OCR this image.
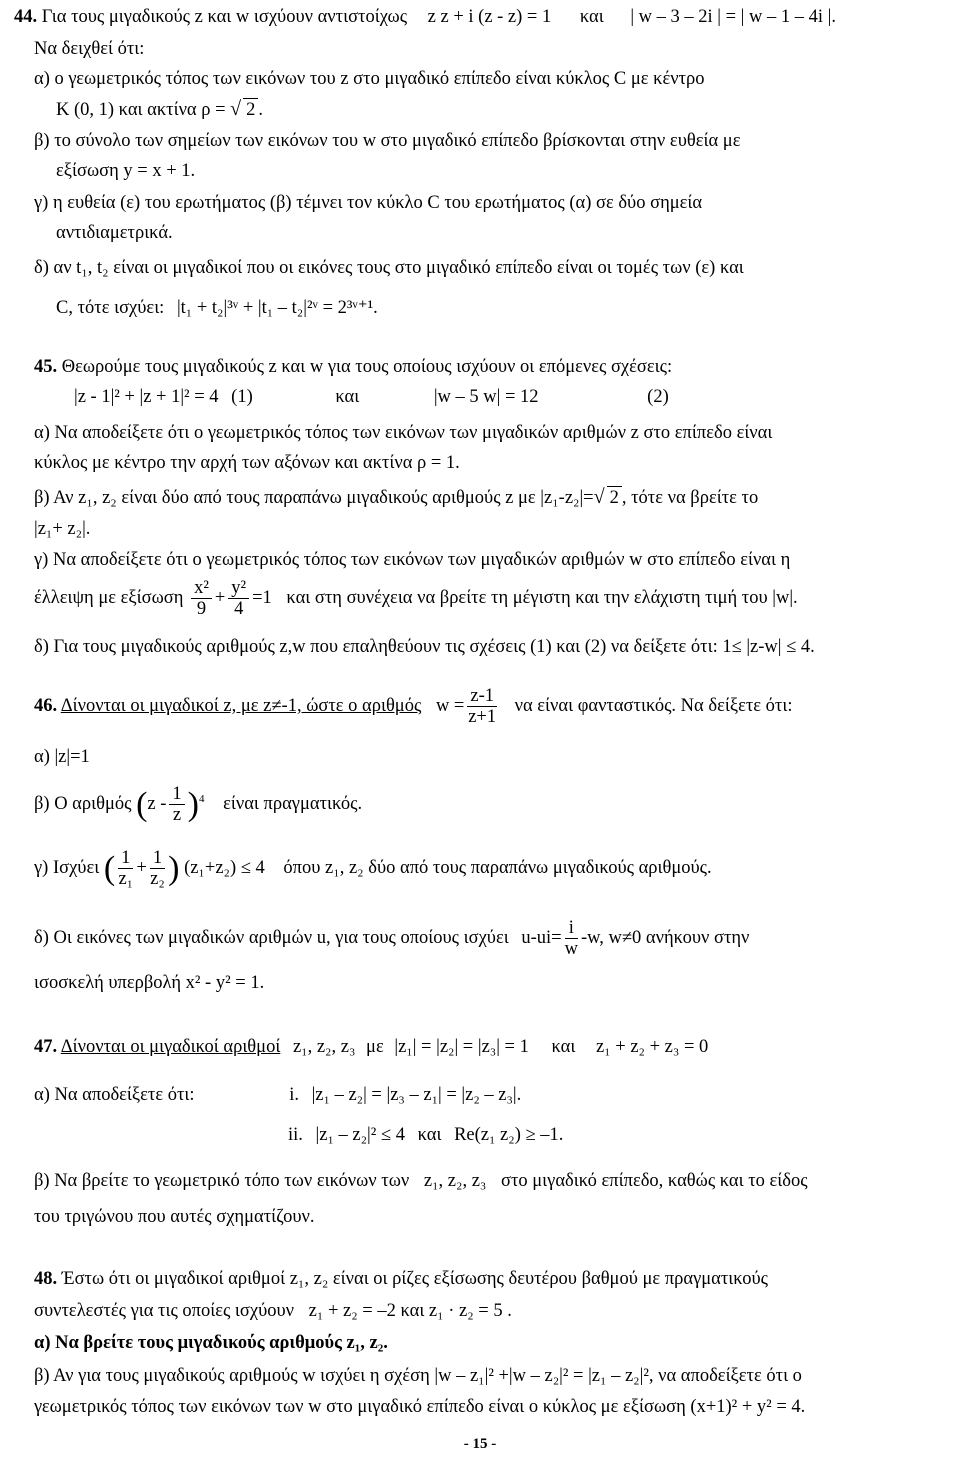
44. Για τους μιγαδικούς z και w ισχύουν αντιστοίχως z z + i (z - z) = 1 και | w – 3 – 2i | = | w – 1 – 4i |.
Να δειχθεί ότι:
α) ο γεωμετρικός τόπος των εικόνων του z στο μιγαδικό επίπεδο είναι κύκλος C με κέντρο
K (0, 1) και ακτίνα ρ = √ 2 .
β) το σύνολο των σημείων των εικόνων του w στο μιγαδικό επίπεδο βρίσκονται στην ευθεία με
εξίσωση y = x + 1.
γ) η ευθεία (ε) του ερωτήματος (β) τέμνει τον κύκλο C του ερωτήματος (α) σε δύο σημεία
αντιδιαμετρικά.
δ) αν t₁, t₂ είναι οι μιγαδικοί που οι εικόνες τους στο μιγαδικό επίπεδο είναι οι τομές των (ε) και
C, τότε ισχύει: |t₁ + t₂|³ᵛ + |t₁ – t₂|²ᵛ = 2³ᵛ⁺¹.
45. Θεωρούμε τους μιγαδικούς z και w για τους οποίους ισχύουν οι επόμενες σχέσεις:
|z - 1|² + |z + 1|² = 4 (1)	και	|w – 5 w| = 12	(2)
α) Να αποδείξετε ότι ο γεωμετρικός τόπος των εικόνων των μιγαδικών αριθμών z στο επίπεδο είναι
κύκλος με κέντρο την αρχή των αξόνων και ακτίνα ρ = 1.
β) Αν z₁, z₂ είναι δύο από τους παραπάνω μιγαδικούς αριθμούς z με |z₁-z₂|=√ 2 , τότε να βρείτε το
|z₁+ z₂|.
γ) Να αποδείξετε ότι ο γεωμετρικός τόπος των εικόνων των μιγαδικών αριθμών w στο επίπεδο είναι η
έλλειψη με εξίσωση $\frac{\text{x²}}{9} + \frac{\text{y²}}{4} =1$ και στη συνέχεια να βρείτε τη μέγιστη και την ελάχιστη τιμή του |w|.
δ) Για τους μιγαδικούς αριθμούς z,w που επαληθεύουν τις σχέσεις (1) και (2) να δείξετε ότι: 1≤ |z-w| ≤ 4.
46. Δίνονται οι μιγαδικοί z, με z≠-1, ώστε ο αριθμός $w = \frac{z-1}{z+1}$ να είναι φανταστικός. Να δείξετε ότι:
α) |z|=1
β) Ο αριθμός $(z - \frac{1}{z} )^4$ είναι πραγματικός.
γ) Ισχύει ( $\frac{1}{\text{z₁}} + \frac{1}{\text{z₂}}$ ) (z₁+z₂) ≤ 4 όπου z₁, z₂ δύο από τους παραπάνω μιγαδικούς αριθμούς.
δ) Οι εικόνες των μιγαδικών αριθμών u, για τους οποίους ισχύει $u-ui= \frac{i}{w} -w$, w≠0 ανήκουν στην
ισοσκελή υπερβολή x² - y² = 1.
47. Δίνονται οι μιγαδικοί αριθμοί z₁, z₂, z₃ με |z₁| = |z₂| = |z₃| = 1 και z₁ + z₂ + z₃ = 0
α) Να αποδείξετε ότι:	i. |z₁ – z₂| = |z₃ – z₁| = |z₂ – z₃|.
ii. |z₁ – z₂|² ≤ 4 και Re(z₁ z₂) ≥ –1.
β) Να βρείτε το γεωμετρικό τόπο των εικόνων των z₁, z₂, z₃ στο μιγαδικό επίπεδο, καθώς και το είδος
του τριγώνου που αυτές σχηματίζουν.
48. Έστω ότι οι μιγαδικοί αριθμοί z₁, z₂ είναι οι ρίζες εξίσωσης δευτέρου βαθμού με πραγματικούς
συντελεστές για τις οποίες ισχύουν z₁ + z₂ = –2 και z₁ · z₂ = 5 .
α) Να βρείτε τους μιγαδικούς αριθμούς z₁, z₂.
β) Αν για τους μιγαδικούς αριθμούς w ισχύει η σχέση |w – z₁|² +|w – z₂|² = |z₁ – z₂|², να αποδείξετε ότι ο
γεωμετρικός τόπος των εικόνων των w στο μιγαδικό επίπεδο είναι ο κύκλος με εξίσωση (x+1)² + y² = 4.
- 15 -
